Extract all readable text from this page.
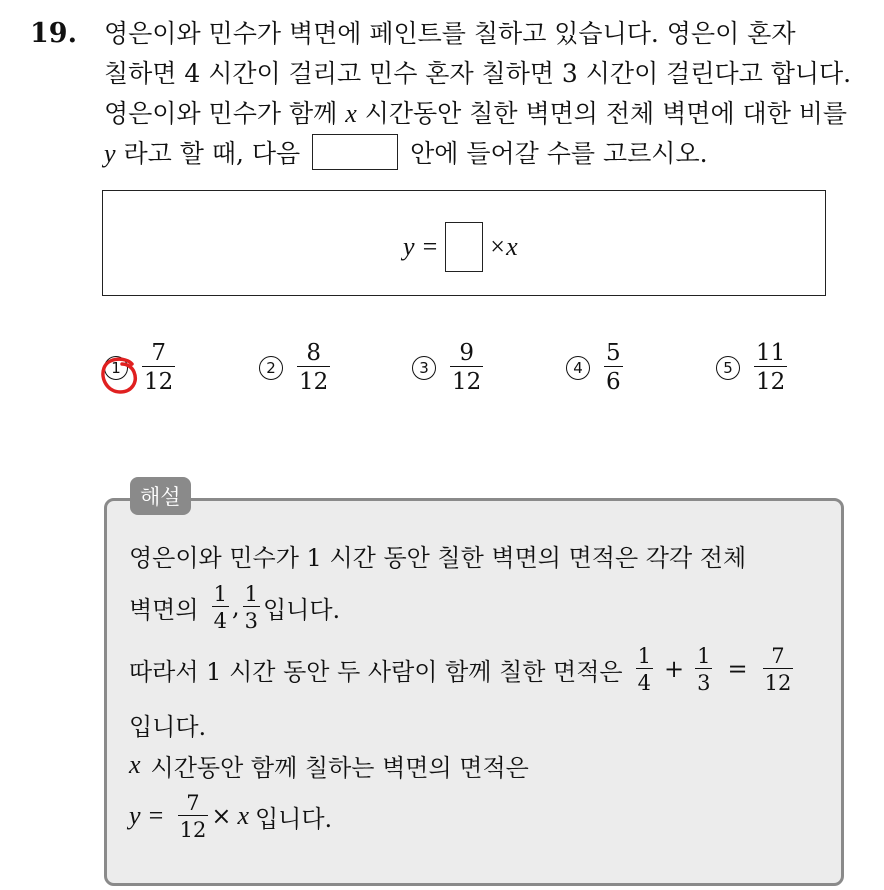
19. 영은이와 민수가 벽면에 페인트를 칠하고 있습니다. 영은이 혼자
칠하면 4 시간이 걸리고 민수 혼자 칠하면 3 시간이 걸린다고 합니다.
영은이와 민수가 함께 x 시간동안 칠한 벽면의 전체 벽면에 대한 비를
y 라고 할 때, 다음	안에 들어갈 수를 고르시오.
y = ×x
$1 \frac{7}{12}$	$2 \frac{8}{12}$	$3 \frac{9}{12}$	$4 \frac{5}{6}$	$5 \frac{11}{12}$
영은이와 민수가 1 시간 동안 칠한 벽면의 면적은 각각 전체
벽면의 $\frac{1}{4}$ , $\frac{1}{3}$ 입니다.
따라서 1 시간 동안 두 사람이 함께 칠한 면적은 $\frac{1}{4} + \frac{1}{3} = \frac{7}{12}$
입니다.
x 시간동안 함께 칠하는 벽면의 면적은
$y = \frac{7}{12} \times x$ 입니다.
해설
